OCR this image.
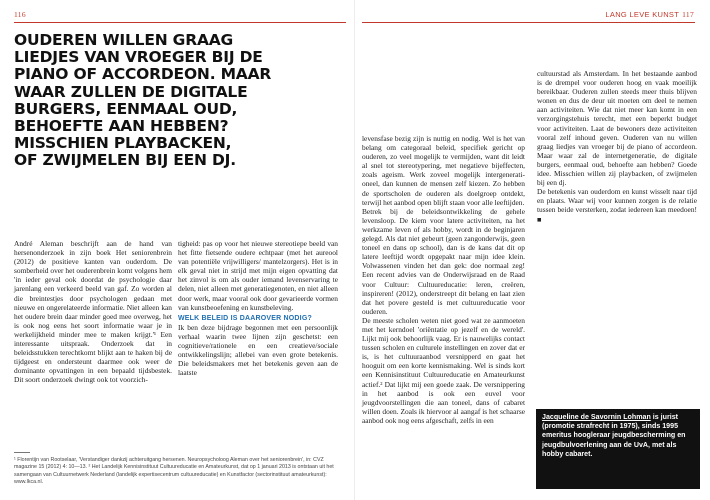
116	LANG LEVE KUNST 117
OUDEREN WILLEN GRAAG
LIEDJES VAN VROEGER BIJ DE
PIANO OF ACCORDEON. MAAR
WAAR ZULLEN DE DIGITALE
BURGERS, EENMAAL OUD,
BEHOEFTE AAN HEBBEN?
MISSCHIEN PLAYBACKEN,
OF ZWIJMELEN BIJ EEN DJ.

André Aleman beschrijft aan de hand van hersenonderzoek in zijn boek Het seniorenbrein (2012) de positieve kanten van ouderdom. De somberheid over het ouderenbrein komt volgens hem 'in ieder geval ook doordat de psychologie daar jarenlang een verkeerd beeld van gaf. Zo worden al die breintestjes door psychologen gedaan met nieuwe en ongerelateerde informatie. Niet alleen kan het oudere brein daar minder goed mee overweg, het is ook nog eens het soort informatie waar je in werkelijkheid minder mee te maken krijgt.'¹ Een interessante uitspraak. Onderzoek dat in beleidsstukken terechtkomt blijkt aan te haken bij de tijdgeest en ondersteunt daarmee ook weer de dominante opvattingen in een bepaald tijdsbestek. Dit soort onderzoek dwingt ook tot voorzich-

tigheid: pas op voor het nieuwe stereotiepe beeld van het fitte fietsende oudere echtpaar (met het aureool van potentiële vrijwilligers/ mantelzorgers). Het is in elk geval niet in strijd met mijn eigen opvatting dat het zinvol is om als ouder iemand levenservaring te delen, niet alleen met generatiegenoten, en niet alleen door werk, maar vooral ook door gevarieerde vormen van kunstbeoefening en kunstbeleving.

WELK BELEID IS DAAROVER NODIG?

Ik ben deze bijdrage begonnen met een persoonlijk verhaal waarin twee lijnen zijn geschetst: een cognitieve/rationele en een creatieve/sociale ontwikkelingslijn; allebei van even grote betekenis. Die beleidsmakers met het betekenis geven aan de laatste

levensfase bezig zijn is nuttig en nodig. Wel is het van belang om categoraal beleid, specifiek gericht op ouderen, zo veel mogelijk te vermijden, want dit leidt al snel tot stereotypering, met negatieve bijeffecten, zoals ageism. Werk zoveel mogelijk intergenerationeel, dan kunnen de mensen zelf kiezen. Zo hebben de sportscholen de ouderen als doelgroep ontdekt, terwijl het aanbod open blijft staan voor alle leeftijden.

Betrek bij de beleidsontwikkeling de gehele levensloop. De kiem voor latere activiteiten, na het werkzame leven of als hobby, wordt in de beginjaren gelegd. Als dat niet gebeurt (geen zangonderwijs, geen toneel en dans op school), dan is de kans dat dit op latere leeftijd wordt opgepakt naar mijn idee klein. Volwassenen vinden het dan gek: doe normaal zeg! Een recent advies van de Onderwijsraad en de Raad voor Cultuur: Cultuureducatie: leren, creëren, inspireren! (2012), onderstreept dit belang en laat zien dat het povere gesteld is met cultuureducatie voor ouderen.

De meeste scholen weten niet goed wat ze aanmoeten met het kerndoel 'oriëntatie op jezelf en de wereld'. Lijkt mij ook behoorlijk vaag. Er is nauwelijks contact tussen scholen en culturele instellingen en zover dat er is, is het cultuuraanbod versnipperd en gaat het hooguit om een korte kennismaking. Wel is sinds kort een Kennisinstituut Cultuureducatie en Amateurkunst actief.² Dat lijkt mij een goede zaak. De versnippering in het aanbod is ook een euvel voor jeugdvoorstellingen die aan toneel, dans of cabaret willen doen. Zoals ik hiervoor al aangaf is het schaarse aanbod ook nog eens afgeschaft, zelfs in een

cultuurstad als Amsterdam. In het bestaande aanbod is de drempel voor ouderen hoog en vaak moeilijk bereikbaar. Ouderen zullen steeds meer thuis blijven wonen en dus de deur uit moeten om deel te nemen aan activiteiten. Wie dat niet meer kan komt in een verzorgingstehuis terecht, met een beperkt budget voor activiteiten. Laat de bewoners deze activiteiten vooral zelf inhoud geven. Ouderen van nu willen graag liedjes van vroeger bij de piano of accordeon. Maar waar zal de internetgeneratie, de digitale burgers, eenmaal oud, behoefte aan hebben? Goede idee. Misschien willen zij playbacken, of zwijmelen bij een dj.

De betekenis van ouderdom en kunst wisselt naar tijd en plaats. Waar wij voor kunnen zorgen is de relatie tussen beide versterken, zodat iedereen kan meedoen! ■

¹ Florentijn van Rootselaar, 'Verstandiger dankzij achteruitgang hersenen. Neuropsycholoog Aleman over het seniorenbrein', in: CVZ magazine 15 (2012) 4: 10—13. ² Het Landelijk Kennisinstituut Cultuureducatie en Amateurkunst, dat op 1 januari 2013 is ontstaan uit het samengaan van Cultuurnetwerk Nederland (landelijk expertisecentrum cultuureducatie) en Kunstfactor (sectorinstituut amateurkunst): www.lkca.nl.

Jacqueline de Savornin Lohman is jurist (promotie strafrecht in 1975), sinds 1995 emeritus hoogleraar jeugdbescherming en jeugdbulvoerlening aan de UvA, met als hobby cabaret.
